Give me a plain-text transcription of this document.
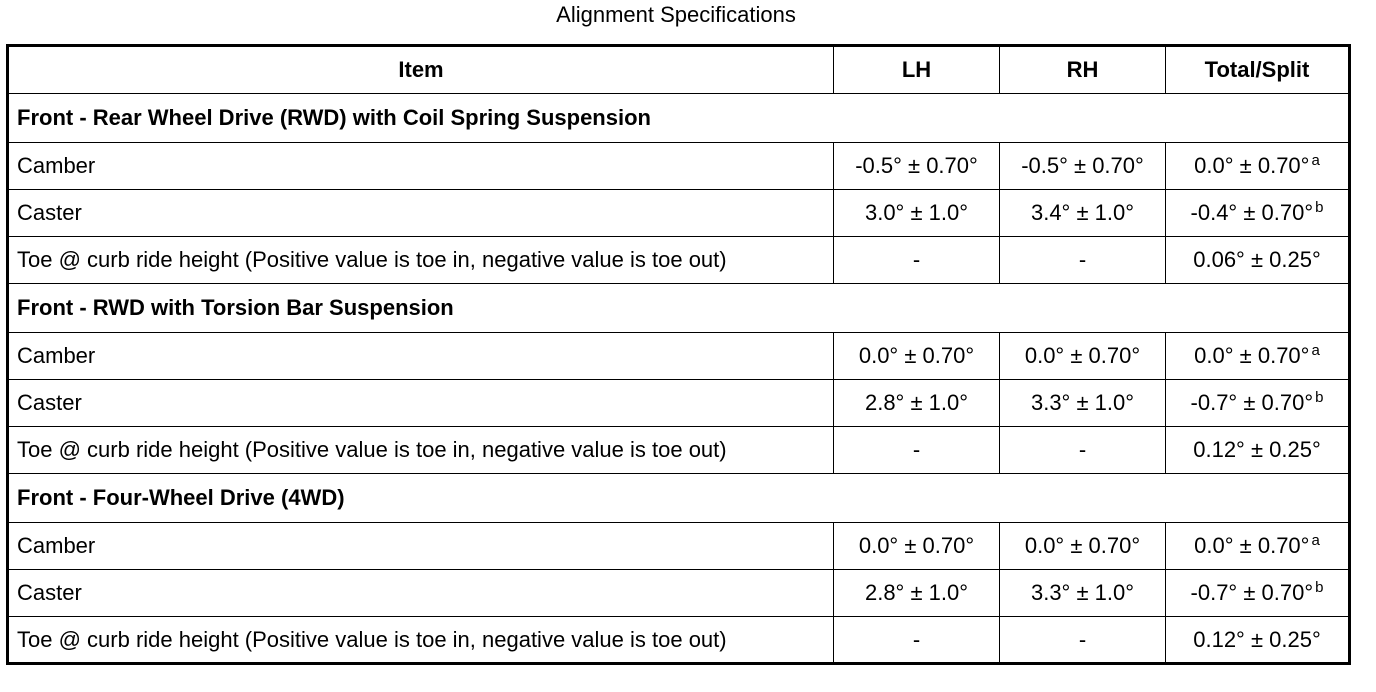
Alignment Specifications
Item	LH	RH	Total/Split
Front - Rear Wheel Drive (RWD) with Coil Spring Suspension			
Camber	-0.5° ± 0.70°	-0.5° ± 0.70°	0.0° ± 0.70° $^a$
Caster	3.0° ± 1.0°	3.4° ± 1.0°	-0.4° ± 0.70° $^b$
Toe @ curb ride height (Positive value is toe in, negative value is toe out)	-	-	0.06° ± 0.25°
Front - RWD with Torsion Bar Suspension			
Camber	0.0° ± 0.70°	0.0° ± 0.70°	0.0° ± 0.70° $^a$
Caster	2.8° ± 1.0°	3.3° ± 1.0°	-0.7° ± 0.70° $^b$
Toe @ curb ride height (Positive value is toe in, negative value is toe out)	-	-	0.12° ± 0.25°
Front - Four-Wheel Drive (4WD)			
Camber	0.0° ± 0.70°	0.0° ± 0.70°	0.0° ± 0.70° $^a$
Caster	2.8° ± 1.0°	3.3° ± 1.0°	-0.7° ± 0.70° $^b$
Toe @ curb ride height (Positive value is toe in, negative value is toe out)	-	-	0.12° ± 0.25°
